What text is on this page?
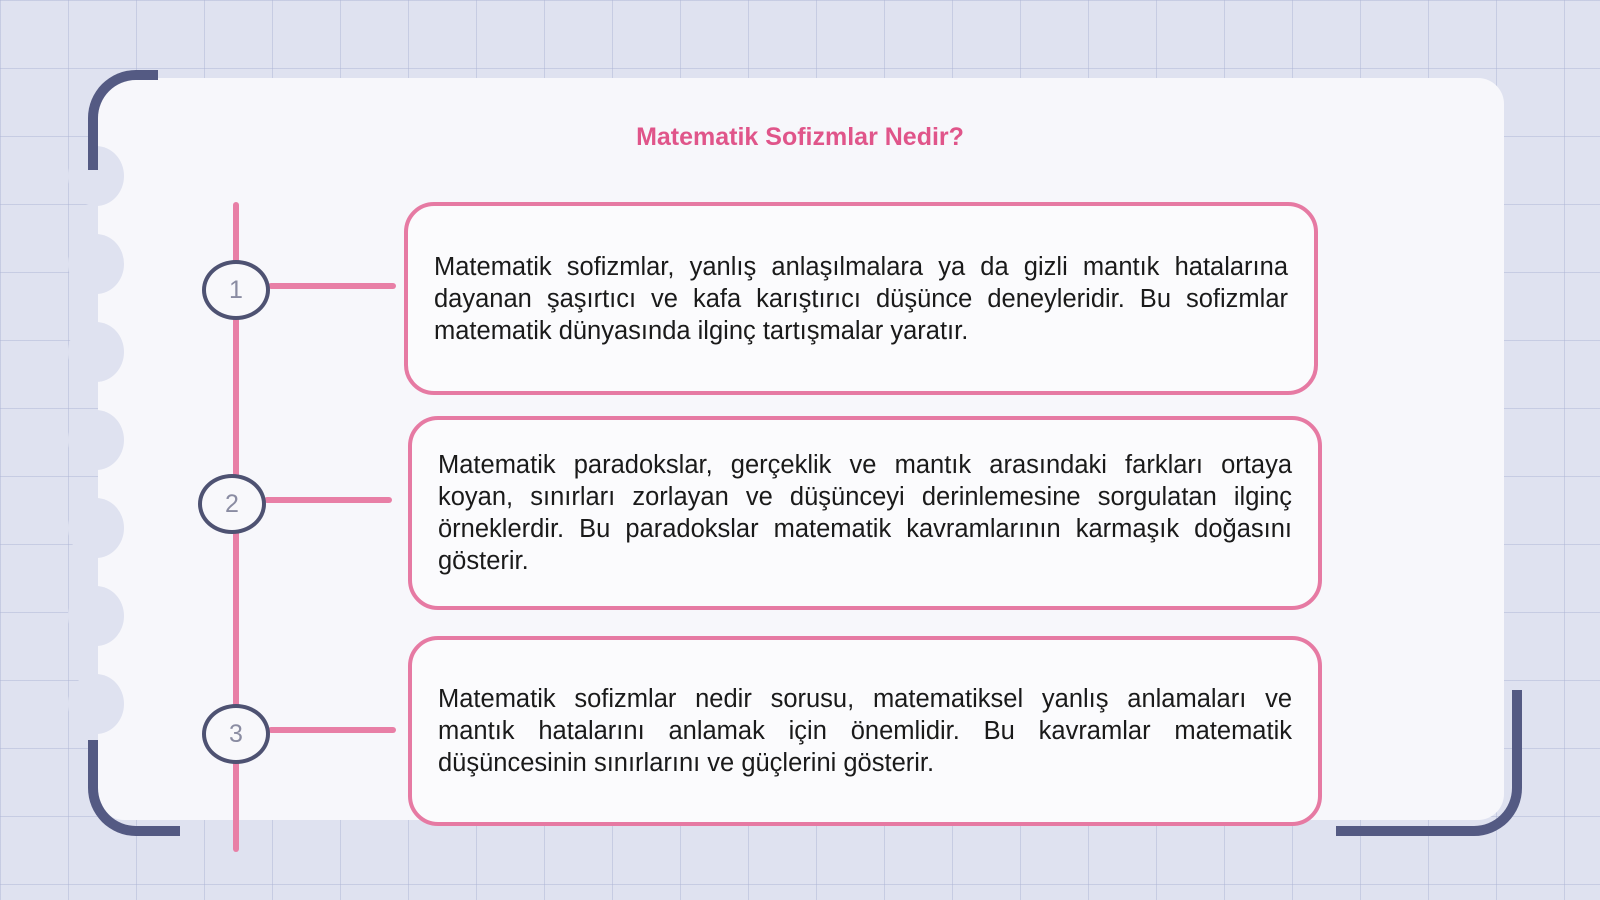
Matematik Sofizmlar Nedir?
1
2
3

Matematik sofizmlar, yanlış anlaşılmalara ya da gizli mantık hatalarına dayanan şaşırtıcı ve kafa karıştırıcı düşünce deneyleridir. Bu sofizmlar matematik dünyasında ilginç tartışmalar yaratır.

Matematik paradokslar, gerçeklik ve mantık arasındaki farkları ortaya koyan, sınırları zorlayan ve düşünceyi derinlemesine sorgulatan ilginç örneklerdir. Bu paradokslar matematik kavramlarının karmaşık doğasını gösterir.

Matematik sofizmlar nedir sorusu, matematiksel yanlış anlamaları ve mantık hatalarını anlamak için önemlidir. Bu kavramlar matematik düşüncesinin sınırlarını ve güçlerini gösterir.
